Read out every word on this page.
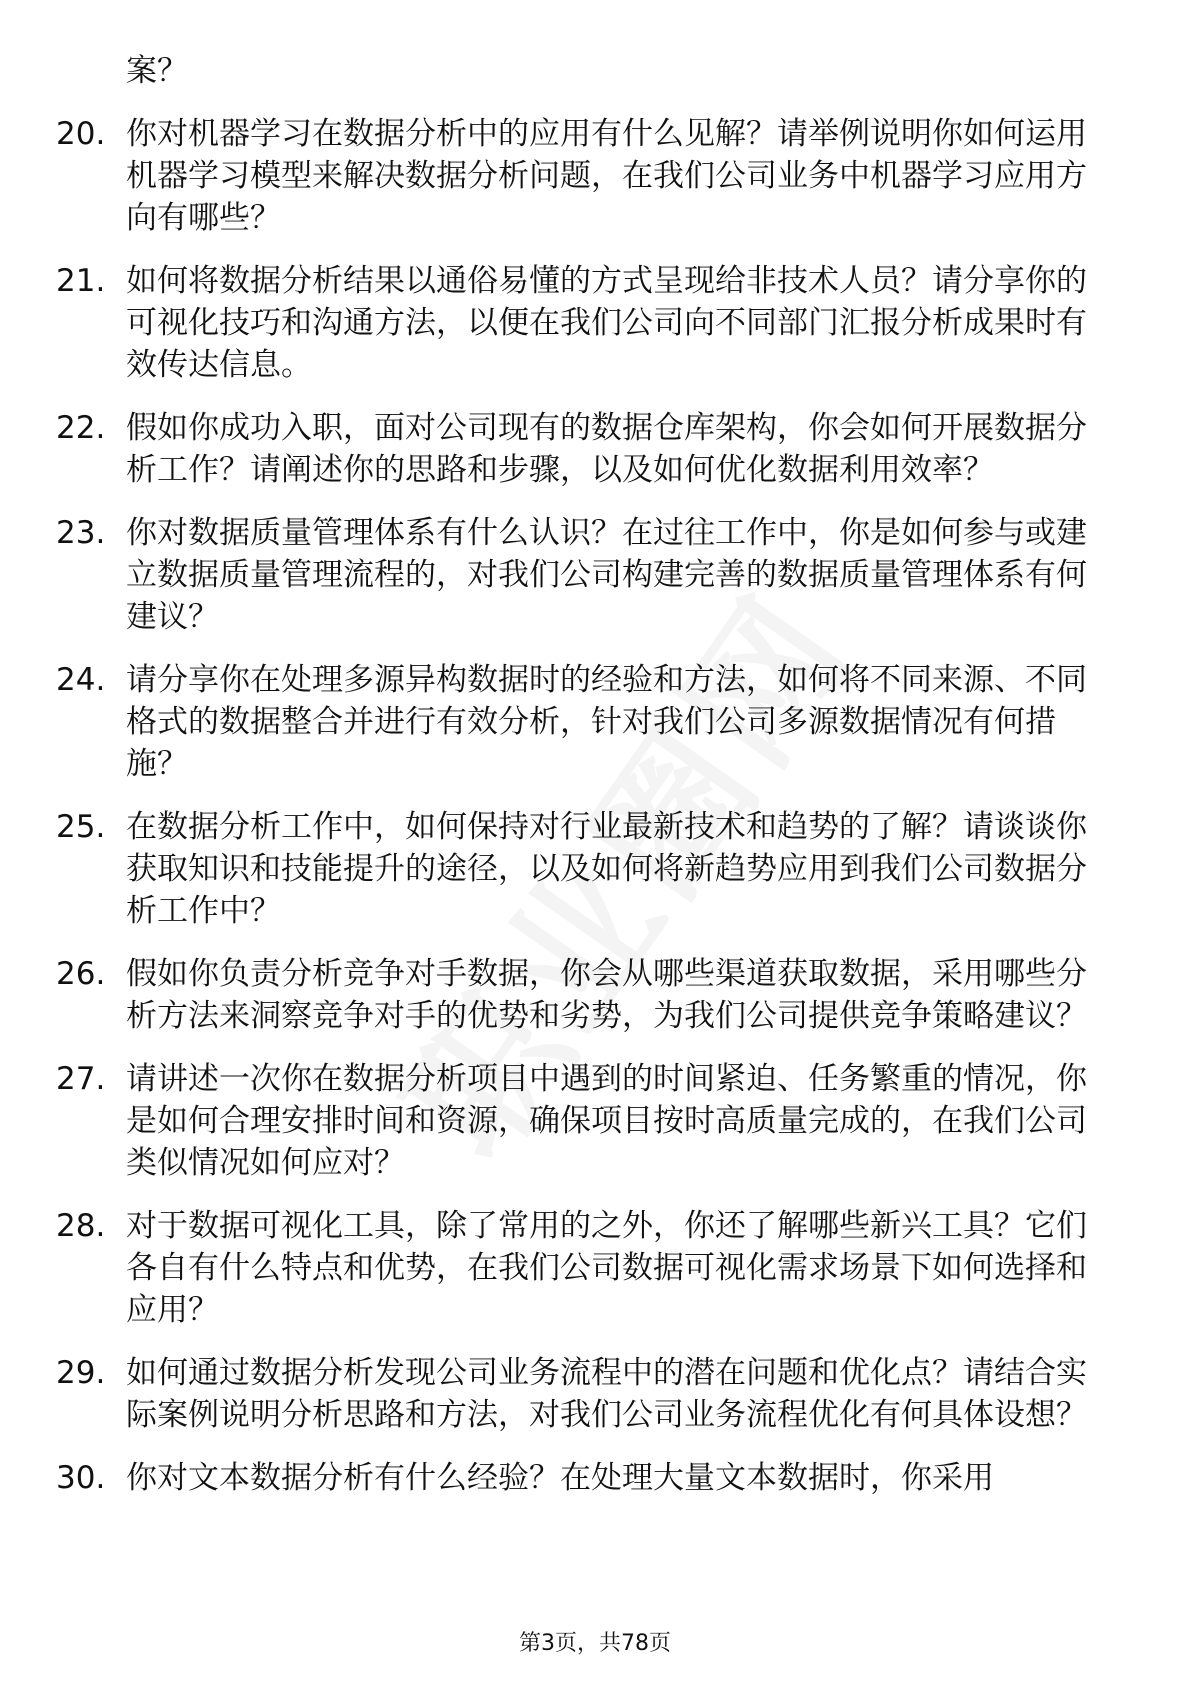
案？

20. 你对机器学习在数据分析中的应用有什么见解？请举例说明你如何运用机器学习模型来解决数据分析问题，在我们公司业务中机器学习应用方向有哪些？

21. 如何将数据分析结果以通俗易懂的方式呈现给非技术人员？请分享你的可视化技巧和沟通方法，以便在我们公司向不同部门汇报分析成果时有效传达信息。

22. 假如你成功入职，面对公司现有的数据仓库架构，你会如何开展数据分析工作？请阐述你的思路和步骤，以及如何优化数据利用效率？

23. 你对数据质量管理体系有什么认识？在过往工作中，你是如何参与或建立数据质量管理流程的，对我们公司构建完善的数据质量管理体系有何建议？

24. 请分享你在处理多源异构数据时的经验和方法，如何将不同来源、不同格式的数据整合并进行有效分析，针对我们公司多源数据情况有何措施？

25. 在数据分析工作中，如何保持对行业最新技术和趋势的了解？请谈谈你获取知识和技能提升的途径，以及如何将新趋势应用到我们公司数据分析工作中？

26. 假如你负责分析竞争对手数据，你会从哪些渠道获取数据，采用哪些分析方法来洞察竞争对手的优势和劣势，为我们公司提供竞争策略建议？

27. 请讲述一次你在数据分析项目中遇到的时间紧迫、任务繁重的情况，你是如何合理安排时间和资源，确保项目按时高质量完成的，在我们公司类似情况如何应对？

28. 对于数据可视化工具，除了常用的之外，你还了解哪些新兴工具？它们各自有什么特点和优势，在我们公司数据可视化需求场景下如何选择和应用？

29. 如何通过数据分析发现公司业务流程中的潜在问题和优化点？请结合实际案例说明分析思路和方法，对我们公司业务流程优化有何具体设想？

30. 你对文本数据分析有什么经验？在处理大量文本数据时，你采用

第3页，共78页
